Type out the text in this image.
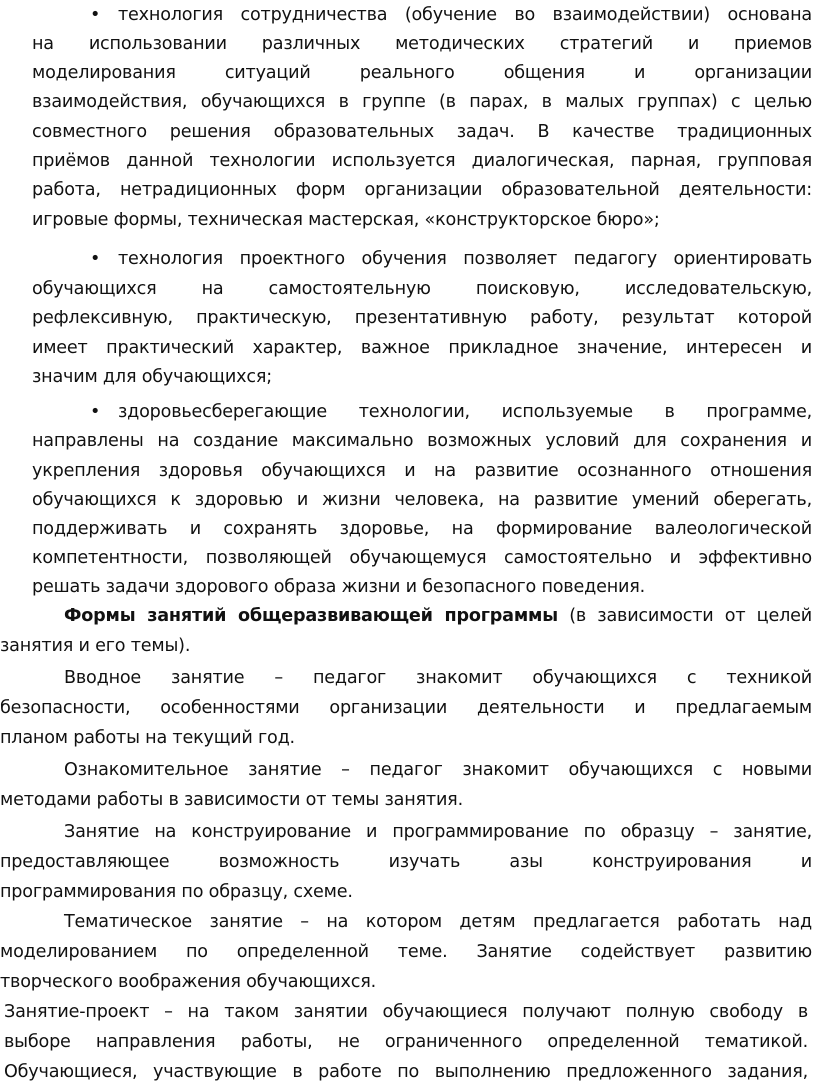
• технология сотрудничества (обучение во взаимодействии) основана
на использовании различных методических стратегий и приемов
моделирования ситуаций реального общения и организации
взаимодействия, обучающихся в группе (в парах, в малых группах) с целью
совместного решения образовательных задач. В качестве традиционных
приёмов данной технологии используется диалогическая, парная, групповая
работа, нетрадиционных форм организации образовательной деятельности:
игровые формы, техническая мастерская, «конструкторское бюро»;
• технология проектного обучения позволяет педагогу ориентировать
обучающихся на самостоятельную поисковую, исследовательскую,
рефлексивную, практическую, презентативную работу, результат которой
имеет практический характер, важное прикладное значение, интересен и
значим для обучающихся;
• здоровьесберегающие технологии, используемые в программе,
направлены на создание максимально возможных условий для сохранения и
укрепления здоровья обучающихся и на развитие осознанного отношения
обучающихся к здоровью и жизни человека, на развитие умений оберегать,
поддерживать и сохранять здоровье, на формирование валеологической
компетентности, позволяющей обучающемуся самостоятельно и эффективно
решать задачи здорового образа жизни и безопасного поведения.
Формы занятий общеразвивающей программы (в зависимости от целей
занятия и его темы).
Вводное занятие – педагог знакомит обучающихся с техникой
безопасности, особенностями организации деятельности и предлагаемым
планом работы на текущий год.
Ознакомительное занятие – педагог знакомит обучающихся с новыми
методами работы в зависимости от темы занятия.
Занятие на конструирование и программирование по образцу – занятие,
предоставляющее возможность изучать азы конструирования и
программирования по образцу, схеме.
Тематическое занятие – на котором детям предлагается работать над
моделированием по определенной теме. Занятие содействует развитию
творческого воображения обучающихся.
Занятие-проект – на таком занятии обучающиеся получают полную свободу в
выборе направления работы, не ограниченного определенной тематикой.
Обучающиеся, участвующие в работе по выполнению предложенного задания,
